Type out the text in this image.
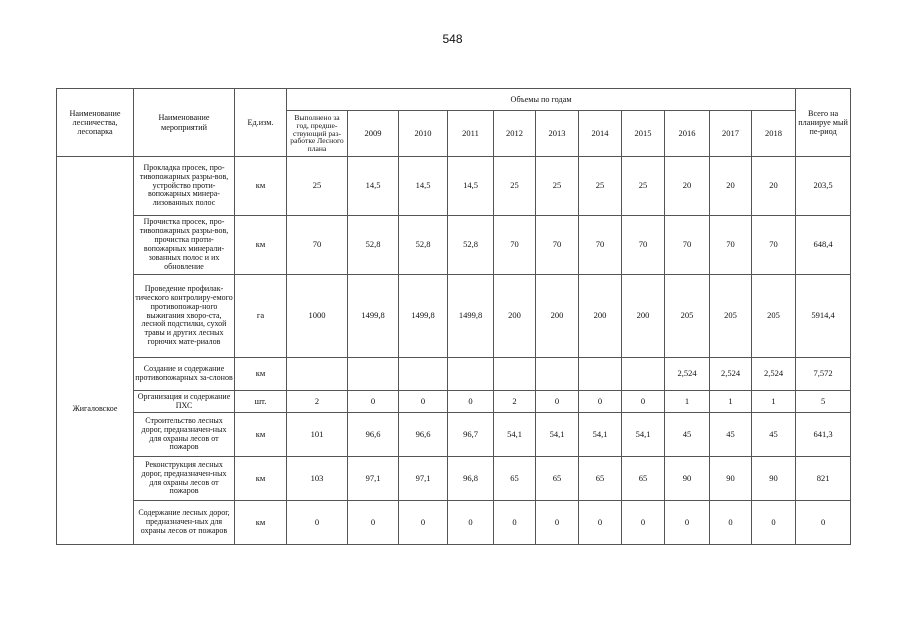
548
Наименование лесничества, лесопарка	Наименование мероприятий	Ед.изм.	Объемы по годам											Всего на планируе мый пе-риод
			Выполнено за год, предше-ствующий раз-работке Лесного плана	2009	2010	2011	2012	2013	2014	2015	2016	2017	2018	
Жигаловское	Прокладка просек, про-тивопожарных разры-вов, устройство проти-вопожарных минера-лизованных полос	км	25	14,5	14,5	14,5	25	25	25	25	20	20	20	203,5
	Прочистка просек, про-тивопожарных разры-вов, прочистка проти-вопожарных минерали-зованных полос и их обновление	км	70	52,8	52,8	52,8	70	70	70	70	70	70	70	648,4
	Проведение профилак-тического контролиру-емого противопожар-ного выжигания хворо-ста, лесной подстилки, сухой травы и других лесных горючих мате-риалов	га	1000	1499,8	1499,8	1499,8	200	200	200	200	205	205	205	5914,4
	Создание и содержание противопожарных за-слонов	км									2,524	2,524	2,524	7,572
	Организация и содержание ПХС	шт.	2	0	0	0	2	0	0	0	1	1	1	5
	Строительство лесных дорог, предназначен-ных для охраны лесов от пожаров	км	101	96,6	96,6	96,7	54,1	54,1	54,1	54,1	45	45	45	641,3
	Реконструкция лесных дорог, предназначен-ных для охраны лесов от пожаров	км	103	97,1	97,1	96,8	65	65	65	65	90	90	90	821
	Содержание лесных дорог, предназначен-ных для охраны лесов от пожаров	км	0	0	0	0	0	0	0	0	0	0	0	0
